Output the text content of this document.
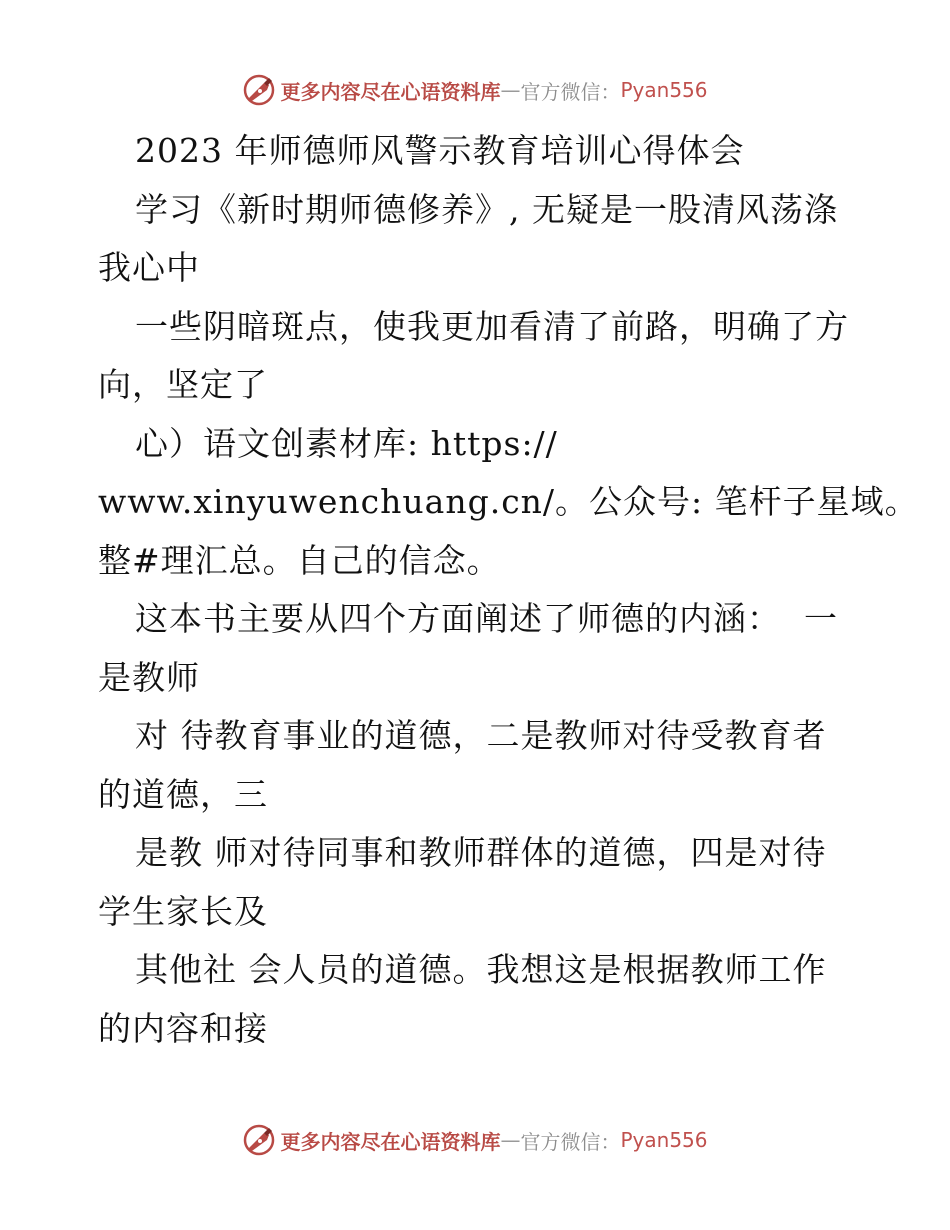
更多内容尽在心语资料库 — 官方微信： Pyan556
2023 年师德师风警示教育培训心得体会
学习《新时期师德修养》, 无疑是一股清风荡涤
我心中
一些阴暗斑点，使我更加看清了前路，明确了方
向，坚定了
心）语文创素材库: https://
www.xinyuwenchuang.cn/。公众号: 笔杆子星域。
整#理汇总。自己的信念。
这本书主要从四个方面阐述了师德的内涵：  一
是教师
对 待教育事业的道德，二是教师对待受教育者
的道德，三
是教 师对待同事和教师群体的道德，四是对待
学生家长及
其他社 会人员的道德。我想这是根据教师工作
的内容和接
更多内容尽在心语资料库 — 官方微信： Pyan556
